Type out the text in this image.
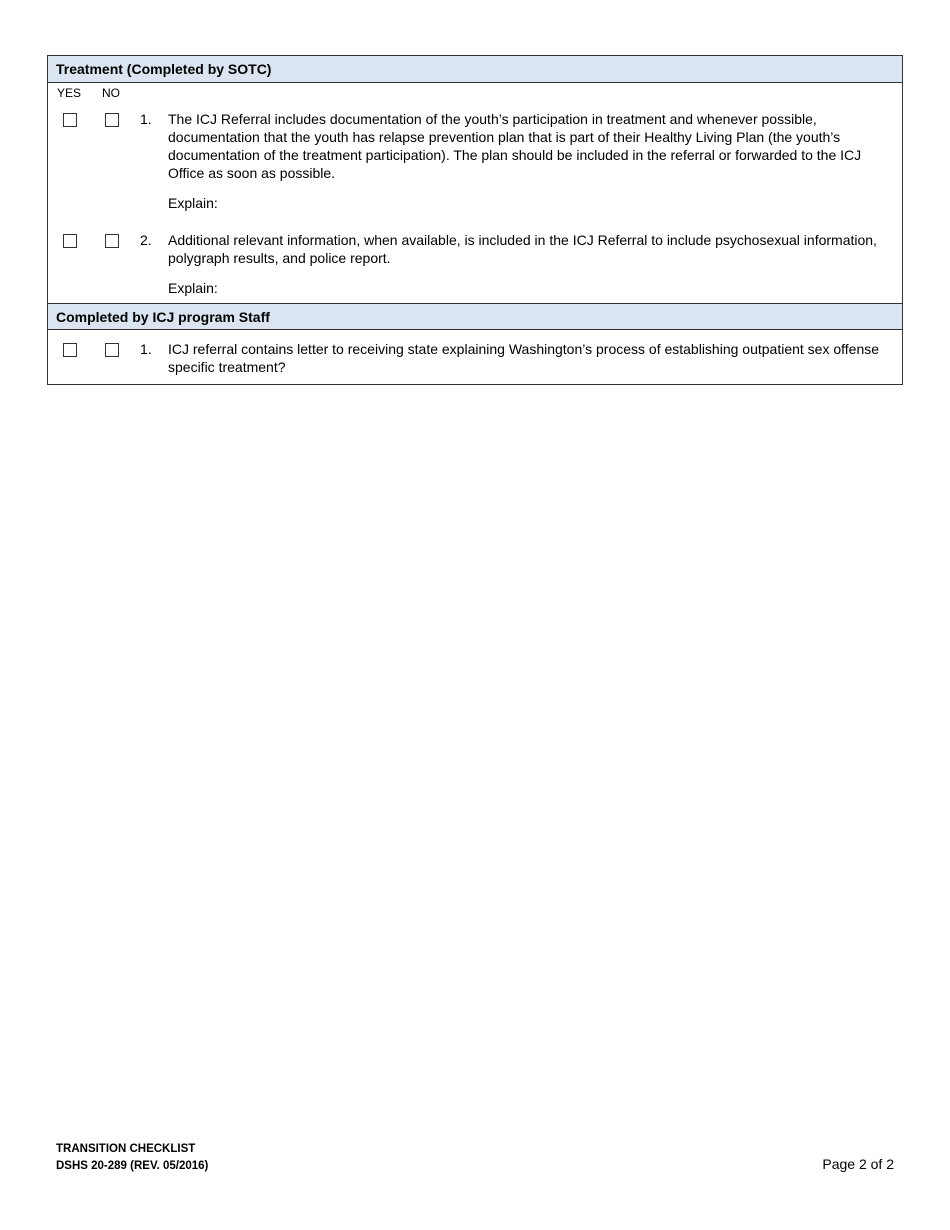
Treatment (Completed by SOTC)
YES NO
1. The ICJ Referral includes documentation of the youth’s participation in treatment and whenever possible, documentation that the youth has relapse prevention plan that is part of their Healthy Living Plan (the youth’s documentation of the treatment participation). The plan should be included in the referral or forwarded to the ICJ Office as soon as possible.
Explain:
2. Additional relevant information, when available, is included in the ICJ Referral to include psychosexual information, polygraph results, and police report.
Explain:
Completed by ICJ program Staff
1. ICJ referral contains letter to receiving state explaining Washington’s process of establishing outpatient sex offense specific treatment?
TRANSITION CHECKLIST
DSHS 20-289 (REV. 05/2016)	Page 2 of 2
